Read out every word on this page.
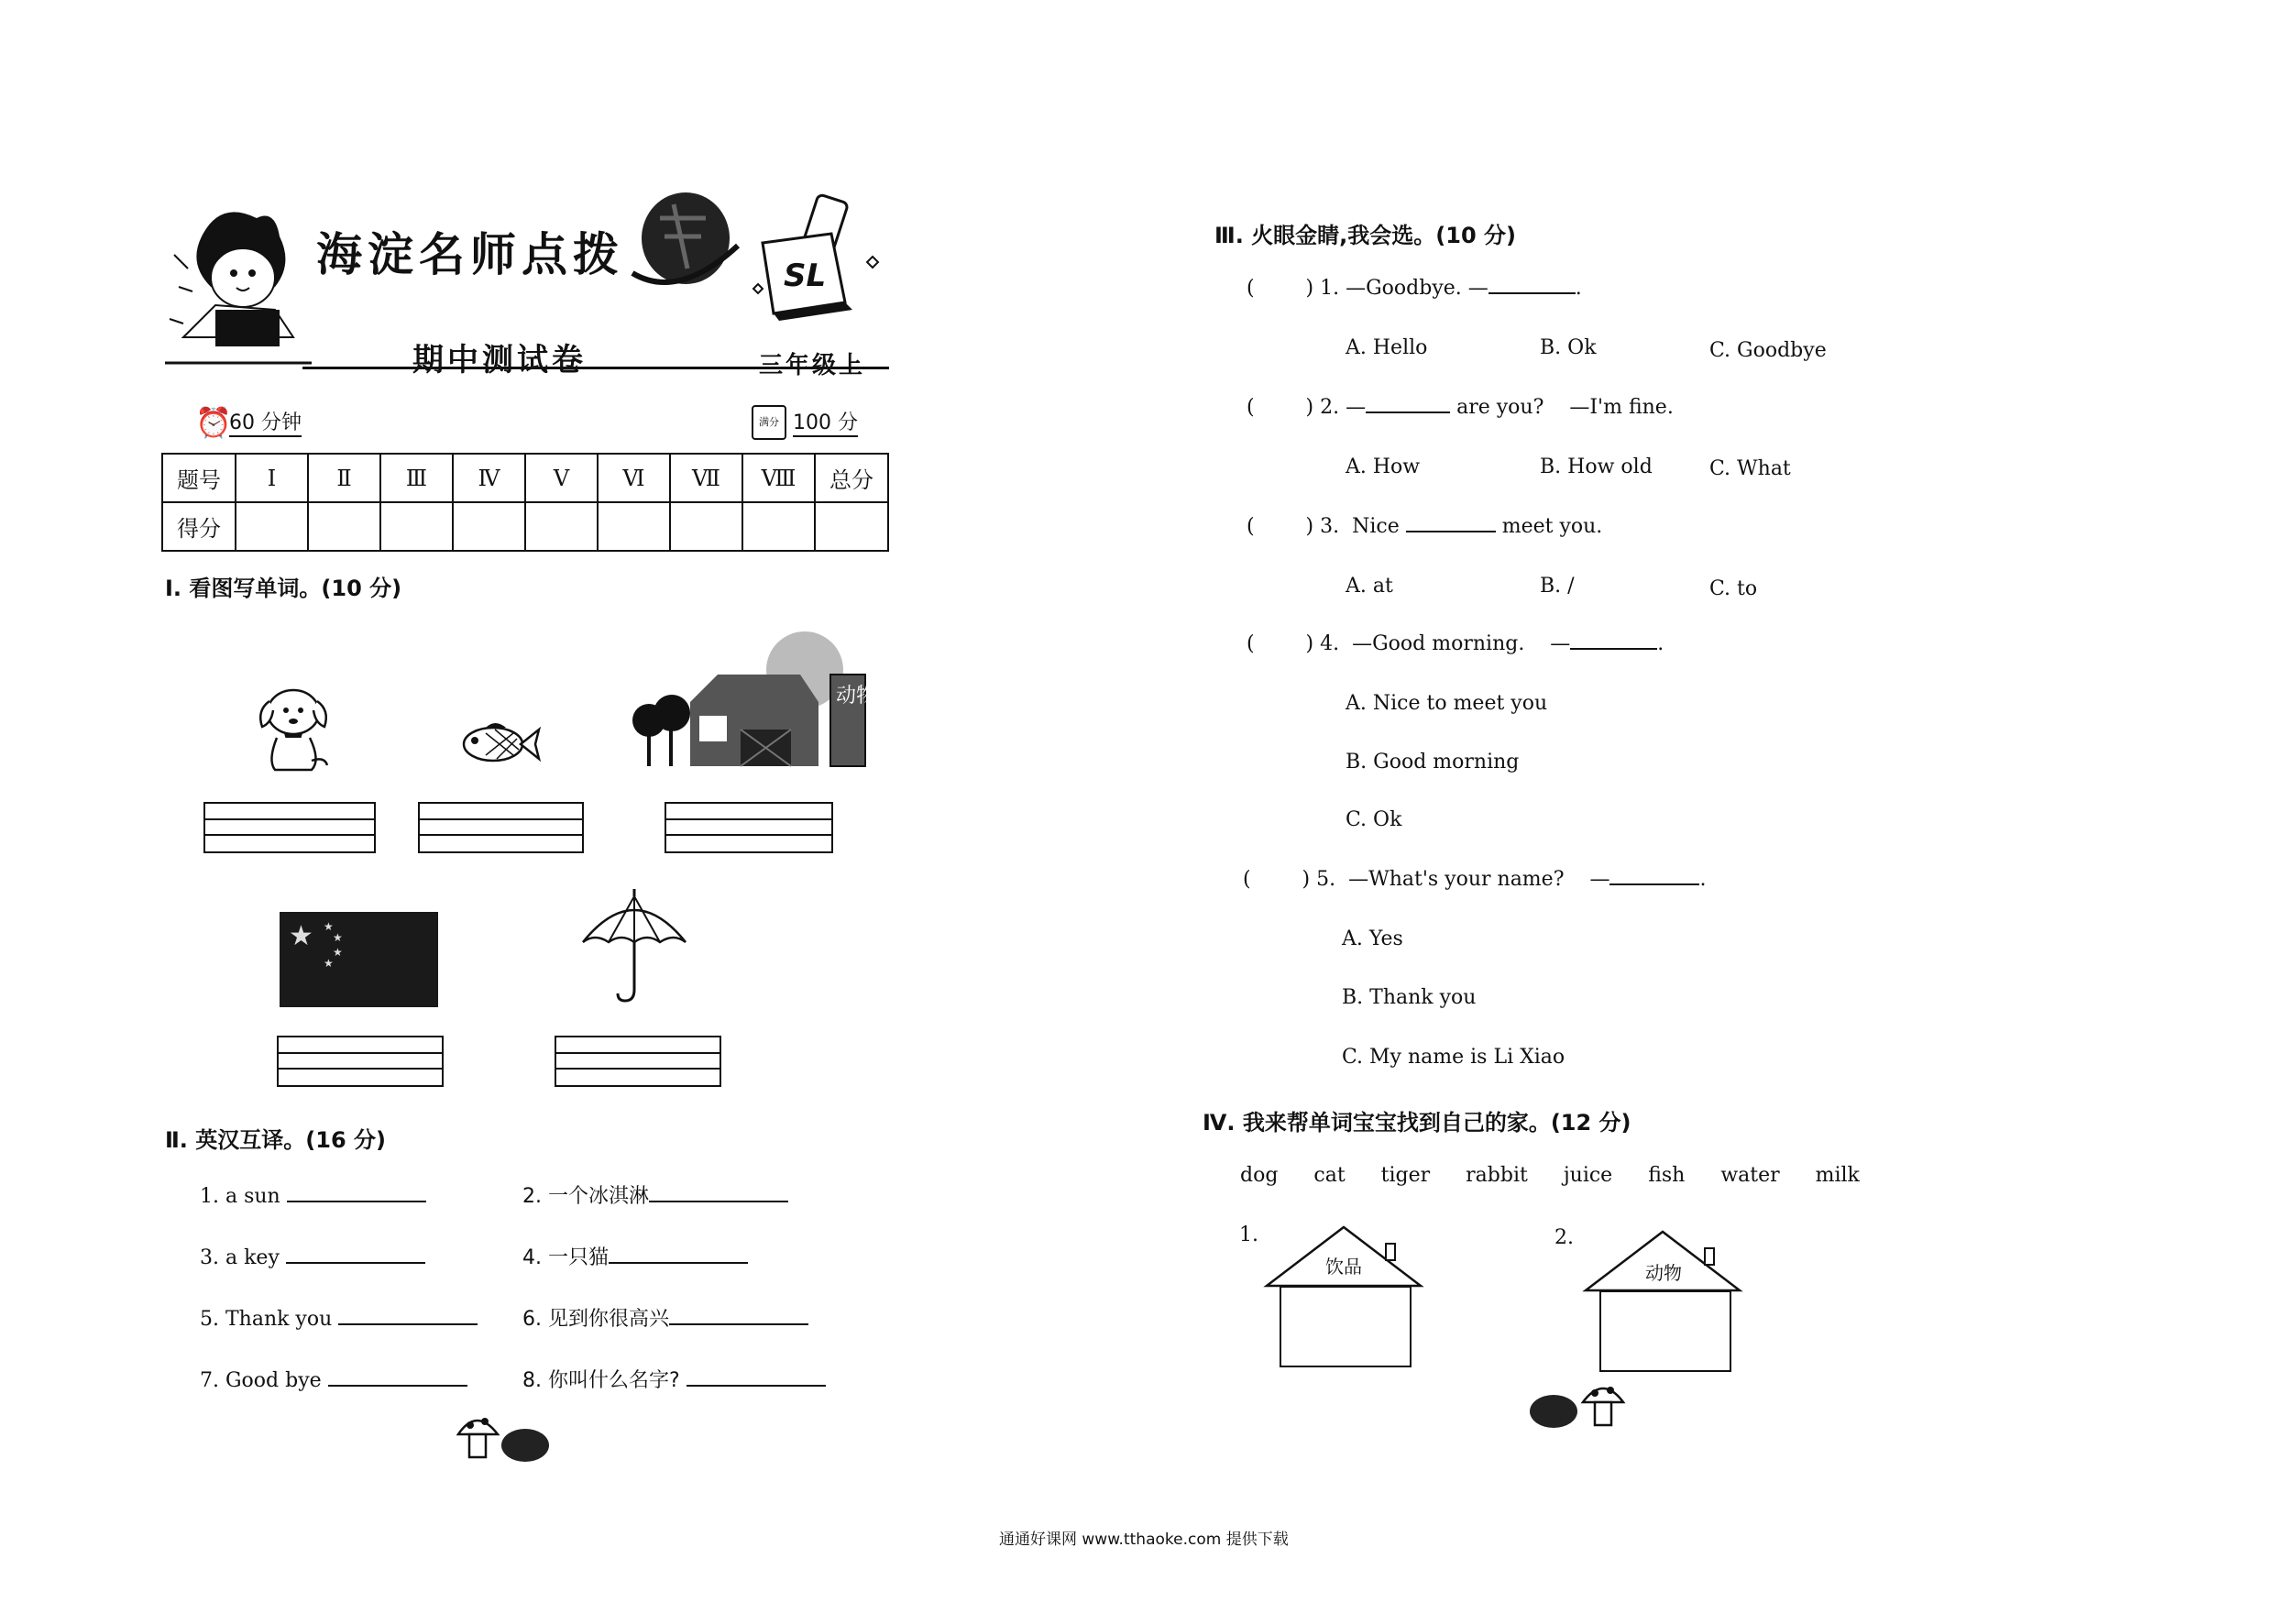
海淀名师点拨	SL
期中测试卷	三年级上
⏰
60 分钟	满分 100 分
题号	Ⅰ	Ⅱ	Ⅲ	Ⅳ	Ⅴ	Ⅵ	Ⅶ	Ⅷ	总分
得分									
Ⅰ. 看图写单词。(10 分)
动物园
★ ★
★
★
★
Ⅱ. 英汉互译。(16 分)
1. a sun	2. 一个冰淇淋
3. a key	4. 一只猫
5. Thank you	6. 见到你很高兴
7. Good bye	8. 你叫什么名字?
Ⅲ. 火眼金睛,我会选。(10 分)
(        ) 1. —Goodbye. —	.
A. Hello	B. Ok	C. Goodbye
(        ) 2. —	are you?    —I'm fine.
A. How	B. How old	C. What
(        ) 3.  Nice	meet you.
A. at	B. /	C. to
(        ) 4.  —Good morning.    —	.
A. Nice to meet you
B. Good morning
C. Ok
(        ) 5.  —What's your name?    —	.
A. Yes
B. Thank you
C. My name is Li Xiao
Ⅳ. 我来帮单词宝宝找到自己的家。(12 分)
dog cat tiger rabbit juice fish water milk
1.
饮品
2.
动物
通通好课网 www.tthaoke.com 提供下载
